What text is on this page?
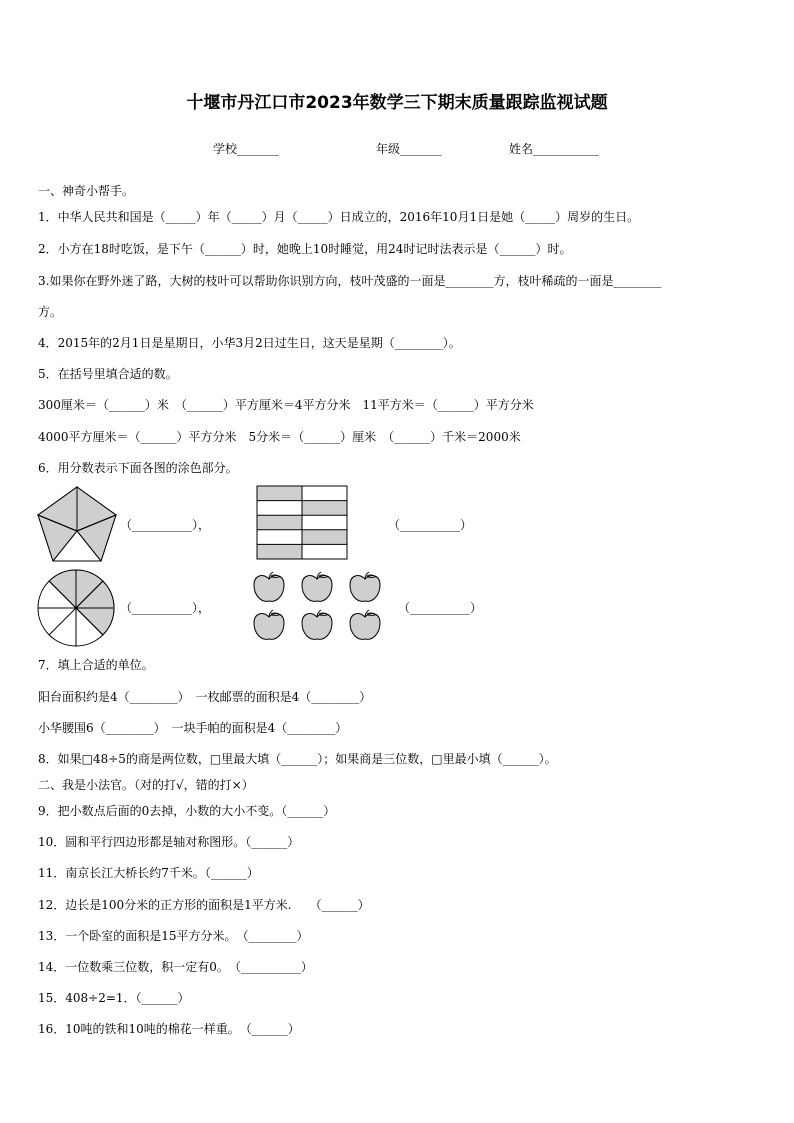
十堰市丹江口市2023年数学三下期末质量跟踪监视试题
学校_______	年级_______	姓名___________
一、神奇小帮手。
1．中华人民共和国是（_____）年（_____）月（_____）日成立的，2016年10月1日是她（_____）周岁的生日。
2．小方在18时吃饭，是下午（______）时，她晚上10时睡觉，用24时记时法表示是（______）时。
3.如果你在野外迷了路，大树的枝叶可以帮助你识别方向，枝叶茂盛的一面是________方，枝叶稀疏的一面是________
方。
4．2015年的2月1日是星期日，小华3月2日过生日，这天是星期（________）。
5．在括号里填合适的数。
300厘米＝（______）米　（______）平方厘米＝4平方分米　11平方米＝（______）平方分米
4000平方厘米＝（______）平方分米　5分米＝（______）厘米　（______）千米＝2000米
6．用分数表示下面各图的涂色部分。
（__________），	（__________）
（__________），	（__________）
7．填上合适的单位。
阳台面积约是4（________）　一枚邮票的面积是4（________）
小华腰围6（________）　一块手帕的面积是4（________）
8．如果□48÷5的商是两位数，□里最大填（______）；如果商是三位数，□里最小填（______）。
二、我是小法官。（对的打√，错的打×）
9．把小数点后面的0去掉，小数的大小不变。（______）
10．圆和平行四边形都是轴对称图形。（______）
11．南京长江大桥长约7千米。（______）
12．边长是100分米的正方形的面积是1平方米.　　（______）
13．一个卧室的面积是15平方分米。　（________）
14．一位数乘三位数，积一定有0。　（__________）
15．408÷2=1．（______）
16．10吨的铁和10吨的棉花一样重。　（______）
